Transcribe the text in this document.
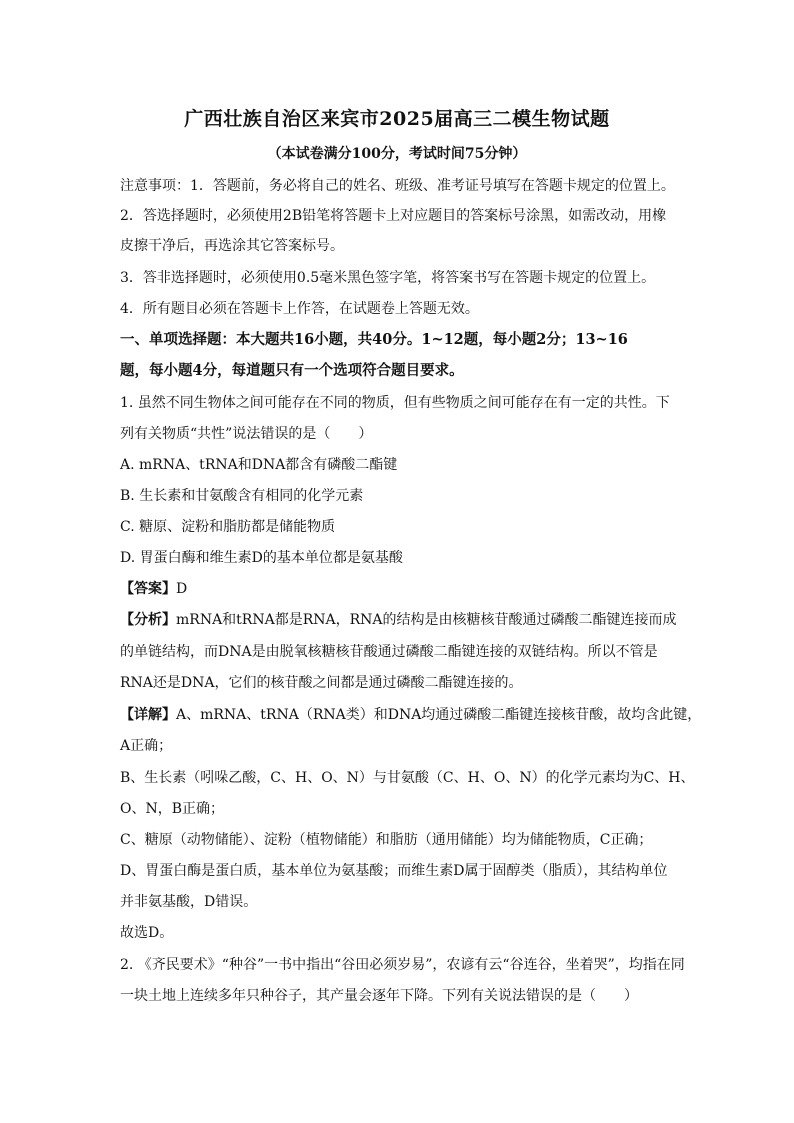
广西壮族自治区来宾市2025届高三二模生物试题
（本试卷满分100分，考试时间75分钟）
注意事项：1．答题前，务必将自己的姓名、班级、准考证号填写在答题卡规定的位置上。
2．答选择题时，必须使用2B铅笔将答题卡上对应题目的答案标号涂黑，如需改动，用橡
皮擦干净后，再选涂其它答案标号。
3．答非选择题时，必须使用0.5毫米黑色签字笔，将答案书写在答题卡规定的位置上。
4．所有题目必须在答题卡上作答，在试题卷上答题无效。
一、单项选择题：本大题共16小题，共40分。1~12题，每小题2分；13~16
题，每小题4分，每道题只有一个选项符合题目要求。
1. 虽然不同生物体之间可能存在不同的物质，但有些物质之间可能存在有一定的共性。下
列有关物质“共性”说法错误的是（　　）
A. mRNA、tRNA和DNA都含有磷酸二酯键
B. 生长素和甘氨酸含有相同的化学元素
C. 糖原、淀粉和脂肪都是储能物质
D. 胃蛋白酶和维生素D的基本单位都是氨基酸
【答案】D
【分析】mRNA和tRNA都是RNA，RNA的结构是由核糖核苷酸通过磷酸二酯键连接而成
的单链结构，而DNA是由脱氧核糖核苷酸通过磷酸二酯键连接的双链结构。所以不管是
RNA还是DNA，它们的核苷酸之间都是通过磷酸二酯键连接的。
【详解】A、mRNA、tRNA（RNA类）和DNA均通过磷酸二酯键连接核苷酸，故均含此键，
A正确；
B、生长素（吲哚乙酸，C、H、O、N）与甘氨酸（C、H、O、N）的化学元素均为C、H、
O、N，B正确；
C、糖原（动物储能）、淀粉（植物储能）和脂肪（通用储能）均为储能物质，C正确；
D、胃蛋白酶是蛋白质，基本单位为氨基酸；而维生素D属于固醇类（脂质），其结构单位
并非氨基酸，D错误。
故选D。
2. 《齐民要术》“种谷”一书中指出“谷田必须岁易”，农谚有云“谷连谷，坐着哭”，均指在同
一块土地上连续多年只种谷子，其产量会逐年下降。下列有关说法错误的是（　　）
